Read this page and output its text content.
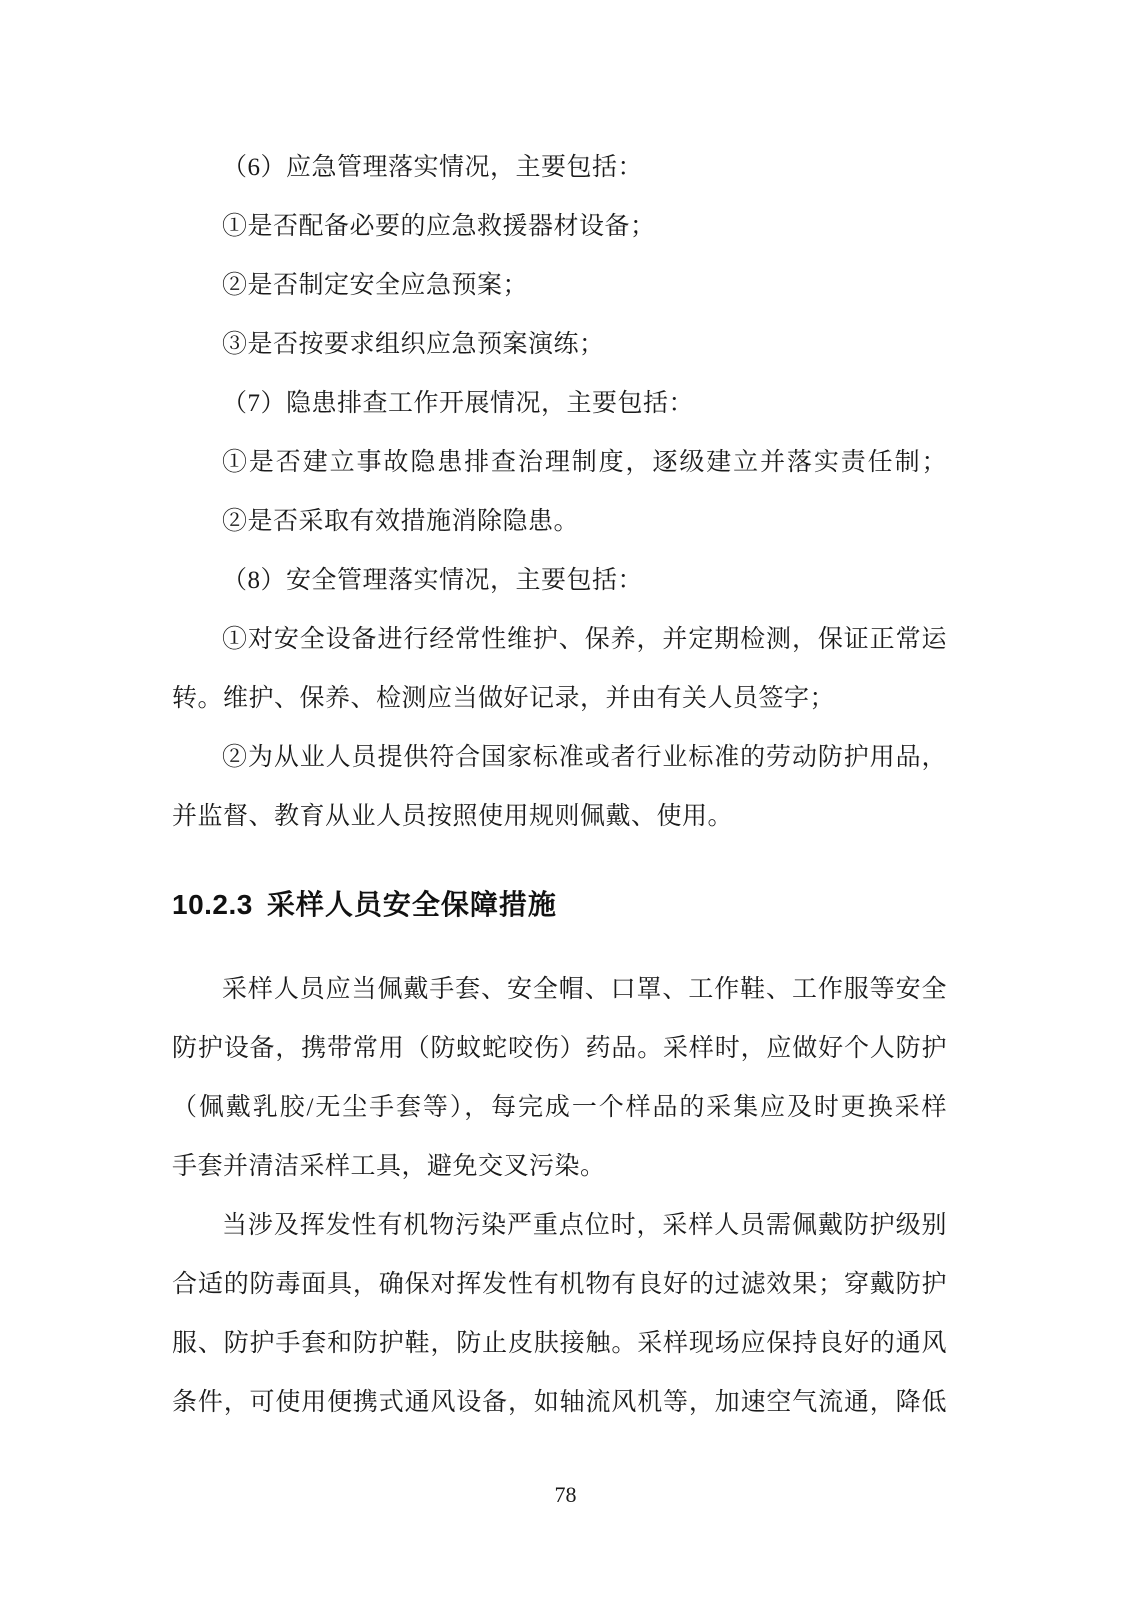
（6）应急管理落实情况，主要包括：
①是否配备必要的应急救援器材设备；
②是否制定安全应急预案；
③是否按要求组织应急预案演练；
（7）隐患排查工作开展情况，主要包括：
①是否建立事故隐患排查治理制度，逐级建立并落实责任制；
②是否采取有效措施消除隐患。
（8）安全管理落实情况，主要包括：
①对安全设备进行经常性维护、保养，并定期检测，保证正常运
转。维护、保养、检测应当做好记录，并由有关人员签字；
②为从业人员提供符合国家标准或者行业标准的劳动防护用品，
并监督、教育从业人员按照使用规则佩戴、使用。
10.2.3 采样人员安全保障措施
采样人员应当佩戴手套、安全帽、口罩、工作鞋、工作服等安全
防护设备，携带常用（防蚊蛇咬伤）药品。采样时，应做好个人防护
（佩戴乳胶/无尘手套等），每完成一个样品的采集应及时更换采样
手套并清洁采样工具，避免交叉污染。
当涉及挥发性有机物污染严重点位时，采样人员需佩戴防护级别
合适的防毒面具，确保对挥发性有机物有良好的过滤效果；穿戴防护
服、防护手套和防护鞋，防止皮肤接触。采样现场应保持良好的通风
条件，可使用便携式通风设备，如轴流风机等，加速空气流通，降低
78
